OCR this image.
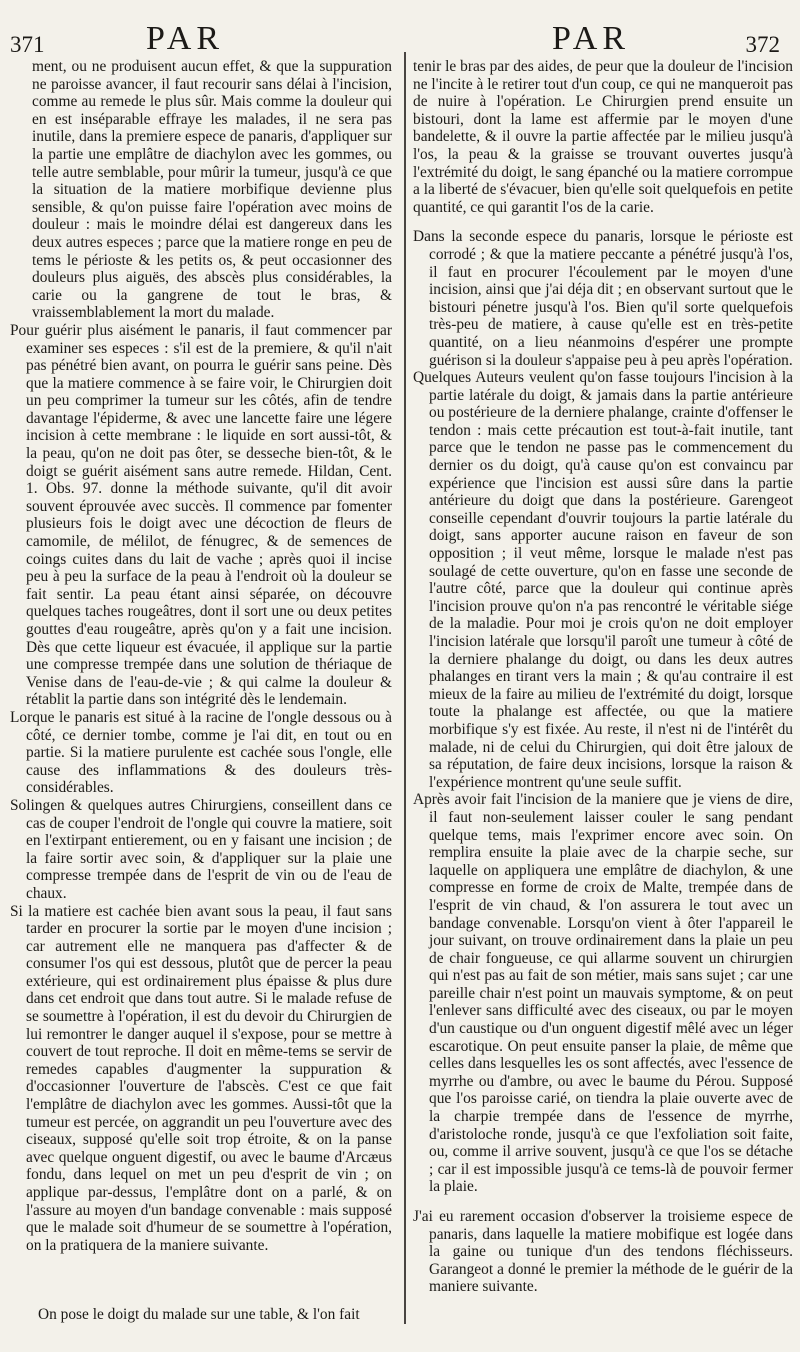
371	PAR	PAR	372

ment, ou ne produisent aucun effet, & que la suppuration ne paroisse avancer, il faut recourir sans délai à l'incision, comme au remede le plus sûr. Mais comme la douleur qui en est inséparable effraye les malades, il ne sera pas inutile, dans la premiere espece de panaris, d'appliquer sur la partie une emplâtre de diachylon avec les gommes, ou telle autre semblable, pour mûrir la tumeur, jusqu'à ce que la situation de la matiere morbifique devienne plus sensible, & qu'on puisse faire l'opération avec moins de douleur : mais le moindre délai est dangereux dans les deux autres especes ; parce que la matiere ronge en peu de tems le périoste & les petits os, & peut occasionner des douleurs plus aiguës, des abscès plus considérables, la carie ou la gangrene de tout le bras, & vraissemblablement la mort du malade.

Pour guérir plus aisément le panaris, il faut commencer par examiner ses especes : s'il est de la premiere, & qu'il n'ait pas pénétré bien avant, on pourra le guérir sans peine. Dès que la matiere commence à se faire voir, le Chirurgien doit un peu comprimer la tumeur sur les côtés, afin de tendre davantage l'épiderme, & avec une lancette faire une légere incision à cette membrane : le liquide en sort aussi-tôt, & la peau, qu'on ne doit pas ôter, se desseche bien-tôt, & le doigt se guérit aisément sans autre remede. Hildan, Cent. 1. Obs. 97. donne la méthode suivante, qu'il dit avoir souvent éprouvée avec succès. Il commence par fomenter plusieurs fois le doigt avec une décoction de fleurs de camomile, de mélilot, de fénugrec, & de semences de coings cuites dans du lait de vache ; après quoi il incise peu à peu la surface de la peau à l'endroit où la douleur se fait sentir. La peau étant ainsi séparée, on découvre quelques taches rougeâtres, dont il sort une ou deux petites gouttes d'eau rougeâtre, après qu'on y a fait une incision. Dès que cette liqueur est évacuée, il applique sur la partie une compresse trempée dans une solution de thériaque de Venise dans de l'eau-de-vie ; & qui calme la douleur & rétablit la partie dans son intégrité dès le lendemain.

Lorque le panaris est situé à la racine de l'ongle dessous ou à côté, ce dernier tombe, comme je l'ai dit, en tout ou en partie. Si la matiere purulente est cachée sous l'ongle, elle cause des inflammations & des douleurs très-considérables.

Solingen & quelques autres Chirurgiens, conseillent dans ce cas de couper l'endroit de l'ongle qui couvre la matiere, soit en l'extirpant entierement, ou en y faisant une incision ; de la faire sortir avec soin, & d'appliquer sur la plaie une compresse trempée dans de l'esprit de vin ou de l'eau de chaux.

Si la matiere est cachée bien avant sous la peau, il faut sans tarder en procurer la sortie par le moyen d'une incision ; car autrement elle ne manquera pas d'affecter & de consumer l'os qui est dessous, plutôt que de percer la peau extérieure, qui est ordinairement plus épaisse & plus dure dans cet endroit que dans tout autre. Si le malade refuse de se soumettre à l'opération, il est du devoir du Chirurgien de lui remontrer le danger auquel il s'expose, pour se mettre à couvert de tout reproche. Il doit en même-tems se servir de remedes capables d'augmenter la suppuration & d'occasionner l'ouverture de l'abscès. C'est ce que fait l'emplâtre de diachylon avec les gommes. Aussi-tôt que la tumeur est percée, on aggrandit un peu l'ouverture avec des ciseaux, supposé qu'elle soit trop étroite, & on la panse avec quelque onguent digestif, ou avec le baume d'Arcæus fondu, dans lequel on met un peu d'esprit de vin ; on applique par-dessus, l'emplâtre dont on a parlé, & on l'assure au moyen d'un bandage convenable : mais supposé que le malade soit d'humeur de se soumettre à l'opération, on la pratiquera de la maniere suivante.

On pose le doigt du malade sur une table, & l'on fait

tenir le bras par des aides, de peur que la douleur de l'incision ne l'incite à le retirer tout d'un coup, ce qui ne manqueroit pas de nuire à l'opération. Le Chirurgien prend ensuite un bistouri, dont la lame est affermie par le moyen d'une bandelette, & il ouvre la partie affectée par le milieu jusqu'à l'os, la peau & la graisse se trouvant ouvertes jusqu'à l'extrémité du doigt, le sang épanché ou la matiere corrompue a la liberté de s'évacuer, bien qu'elle soit quelquefois en petite quantité, ce qui garantit l'os de la carie.

Dans la seconde espece du panaris, lorsque le périoste est corrodé ; & que la matiere peccante a pénétré jusqu'à l'os, il faut en procurer l'écoulement par le moyen d'une incision, ainsi que j'ai déja dit ; en observant surtout que le bistouri pénetre jusqu'à l'os. Bien qu'il sorte quelquefois très-peu de matiere, à cause qu'elle est en très-petite quantité, on a lieu néanmoins d'espérer une prompte guérison si la douleur s'appaise peu à peu après l'opération.

Quelques Auteurs veulent qu'on fasse toujours l'incision à la partie latérale du doigt, & jamais dans la partie antérieure ou postérieure de la derniere phalange, crainte d'offenser le tendon : mais cette précaution est tout-à-fait inutile, tant parce que le tendon ne passe pas le commencement du dernier os du doigt, qu'à cause qu'on est convaincu par expérience que l'incision est aussi sûre dans la partie antérieure du doigt que dans la postérieure. Garengeot conseille cependant d'ouvrir toujours la partie latérale du doigt, sans apporter aucune raison en faveur de son opposition ; il veut même, lorsque le malade n'est pas soulagé de cette ouverture, qu'on en fasse une seconde de l'autre côté, parce que la douleur qui continue après l'incision prouve qu'on n'a pas rencontré le véritable siége de la maladie. Pour moi je crois qu'on ne doit employer l'incision latérale que lorsqu'il paroît une tumeur à côté de la derniere phalange du doigt, ou dans les deux autres phalanges en tirant vers la main ; & qu'au contraire il est mieux de la faire au milieu de l'extrémité du doigt, lorsque toute la phalange est affectée, ou que la matiere morbifique s'y est fixée. Au reste, il n'est ni de l'intérêt du malade, ni de celui du Chirurgien, qui doit être jaloux de sa réputation, de faire deux incisions, lorsque la raison & l'expérience montrent qu'une seule suffit.

Après avoir fait l'incision de la maniere que je viens de dire, il faut non-seulement laisser couler le sang pendant quelque tems, mais l'exprimer encore avec soin. On remplira ensuite la plaie avec de la charpie seche, sur laquelle on appliquera une emplâtre de diachylon, & une compresse en forme de croix de Malte, trempée dans de l'esprit de vin chaud, & l'on assurera le tout avec un bandage convenable. Lorsqu'on vient à ôter l'appareil le jour suivant, on trouve ordinairement dans la plaie un peu de chair fongueuse, ce qui allarme souvent un chirurgien qui n'est pas au fait de son métier, mais sans sujet ; car une pareille chair n'est point un mauvais symptome, & on peut l'enlever sans difficulté avec des ciseaux, ou par le moyen d'un caustique ou d'un onguent digestif mêlé avec un léger escarotique. On peut ensuite panser la plaie, de même que celles dans lesquelles les os sont affectés, avec l'essence de myrrhe ou d'ambre, ou avec le baume du Pérou. Supposé que l'os paroisse carié, on tiendra la plaie ouverte avec de la charpie trempée dans de l'essence de myrrhe, d'aristoloche ronde, jusqu'à ce que l'exfoliation soit faite, ou, comme il arrive souvent, jusqu'à ce que l'os se détache ; car il est impossible jusqu'à ce tems-là de pouvoir fermer la plaie.

J'ai eu rarement occasion d'observer la troisieme espece de panaris, dans laquelle la matiere mobifique est logée dans la gaine ou tunique d'un des tendons fléchisseurs. Garangeot a donné le premier la méthode de le guérir de la maniere suivante.
